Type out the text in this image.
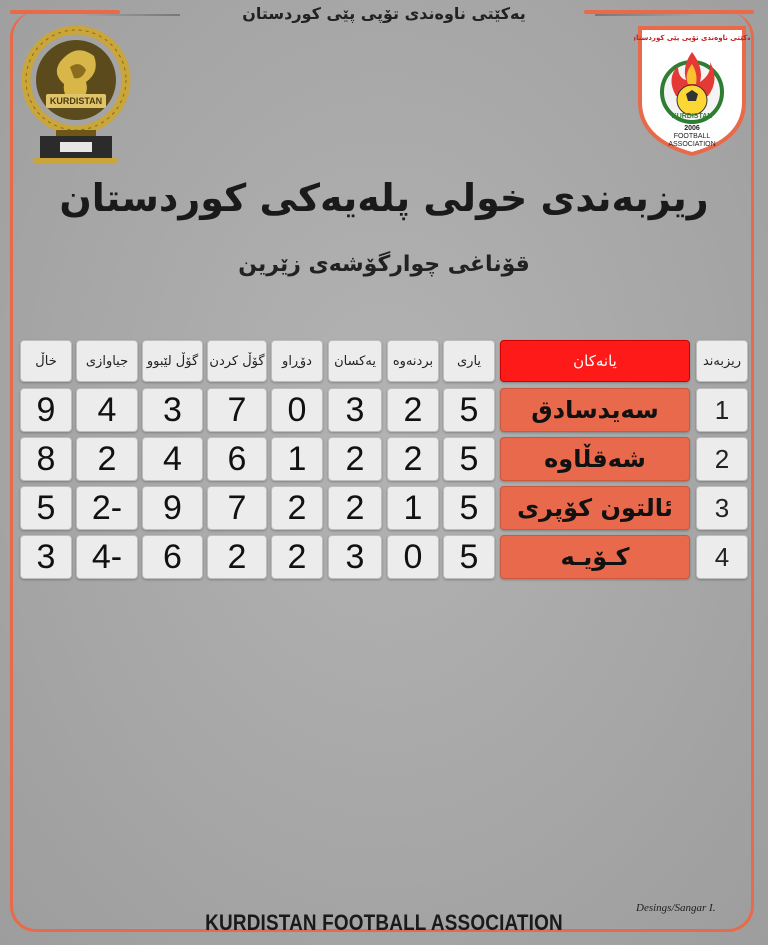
یەکێتی ناوەندی تۆپی پێی کوردستان
KURDISTAN
یەکێتی ناوەندی تۆپی پێی کوردستان
KURDISTAN
2006
FOOTBALL
ASSOCIATION
ریزبەندی خولی پلەیەکی کوردستان
قۆناغی چوارگۆشەی زێرین
ریزبەند
یانەکان
یاری
بردنەوە
یەکسان
دۆڕاو
گۆڵ کردن
گۆڵ لێبوو
جیاوازی
خاڵ
1
سەیدسادق
5
2
3
0
7
3
4
9
2
شەقڵاوە
5
2
2
1
6
4
2
8
3
ئالتون کۆپری
5
1
2
2
7
9
2-
5
4
کـۆیـە
5
0
3
2
2
6
4-
3
Desings/Sangar I.
KURDISTAN FOOTBALL ASSOCIATION
